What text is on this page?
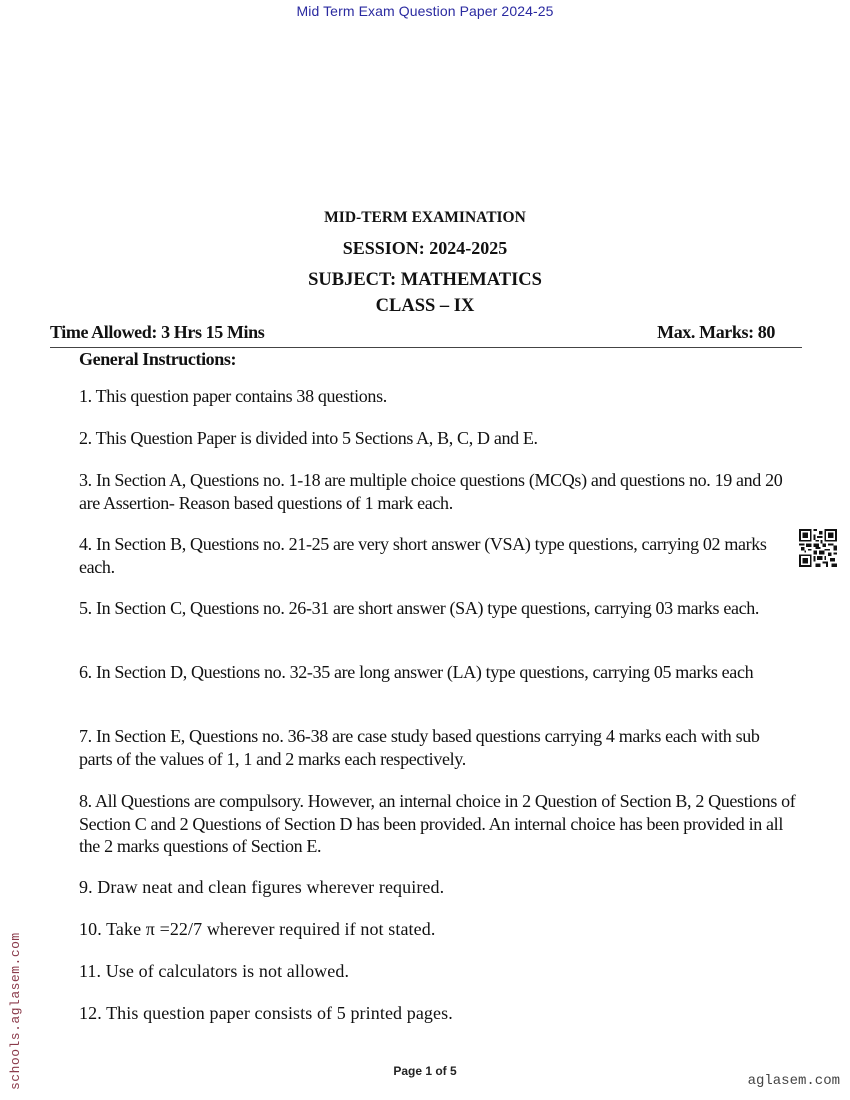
Mid Term Exam Question Paper 2024-25
MID-TERM EXAMINATION
SESSION: 2024-2025
SUBJECT: MATHEMATICS
CLASS – IX
Time Allowed: 3 Hrs 15 Mins	Max. Marks: 80
General Instructions:
1. This question paper contains 38 questions.
2. This Question Paper is divided into 5 Sections A, B, C, D and E.
3. In Section A, Questions no. 1-18 are multiple choice questions (MCQs) and questions no. 19 and 20 are Assertion- Reason based questions of 1 mark each.
4. In Section B, Questions no. 21-25 are very short answer (VSA) type questions, carrying 02 marks each.
5. In Section C, Questions no. 26-31 are short answer (SA) type questions, carrying 03 marks each.
6. In Section D, Questions no. 32-35 are long answer (LA) type questions, carrying 05 marks each
7. In Section E, Questions no. 36-38 are case study based questions carrying 4 marks each with sub parts of the values of 1, 1 and 2 marks each respectively.
8. All Questions are compulsory. However, an internal choice in 2 Question of Section B, 2 Questions of Section C and 2 Questions of Section D has been provided. An internal choice has been provided in all the 2 marks questions of Section E.
9. Draw neat and clean figures wherever required.
10. Take π =22/7 wherever required if not stated.
11. Use of calculators is not allowed.
12. This question paper consists of 5 printed pages.
schools.aglasem.com	Page 1 of 5
aglasem.com
